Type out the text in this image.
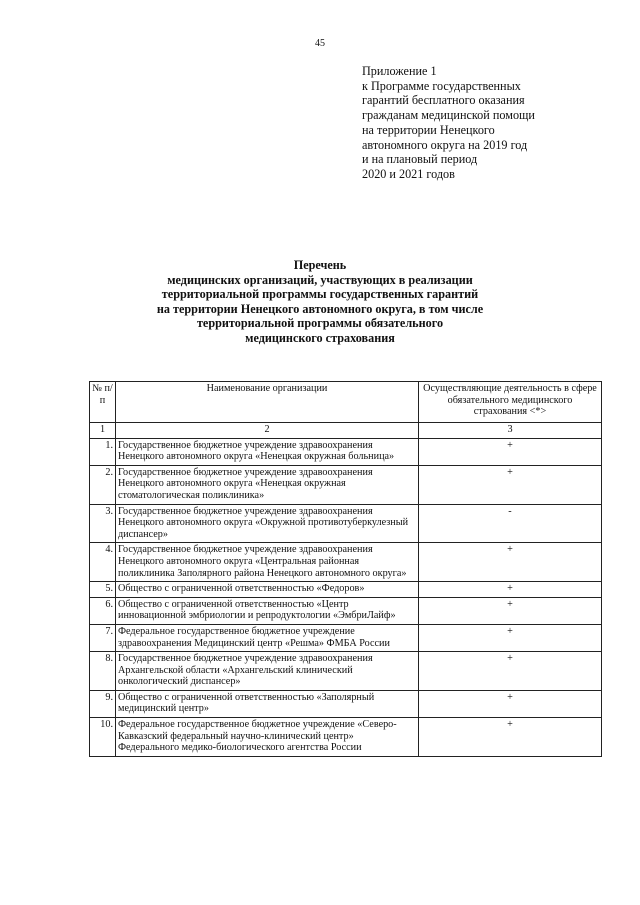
45
Приложение 1
к Программе государственных
гарантий бесплатного оказания
гражданам медицинской помощи
на территории Ненецкого
автономного округа на 2019 год
и на плановый период
2020 и 2021 годов
Перечень
медицинских организаций, участвующих в реализации
территориальной программы государственных гарантий
на территории Ненецкого автономного округа, в том числе
территориальной программы обязательного
медицинского страхования
№ п/п	Наименование организации	Осуществляющие деятельность в сфере обязательного медицинского страхования <*>
1	2	3
1.	Государственное бюджетное учреждение здравоохранения Ненецкого автономного округа «Ненецкая окружная больница»	+
2.	Государственное бюджетное учреждение здравоохранения Ненецкого автономного округа «Ненецкая окружная стоматологическая поликлиника»	+
3.	Государственное бюджетное учреждение здравоохранения Ненецкого автономного округа «Окружной противотуберкулезный диспансер»	-
4.	Государственное бюджетное учреждение здравоохранения Ненецкого автономного округа «Центральная районная поликлиника Заполярного района Ненецкого автономного округа»	+
5.	Общество с ограниченной ответственностью «Федоров»	+
6.	Общество с ограниченной ответственностью «Центр инновационной эмбриологии и репродуктологии «ЭмбриЛайф»	+
7.	Федеральное государственное бюджетное учреждение здравоохранения Медицинский центр «Решма» ФМБА России	+
8.	Государственное бюджетное учреждение здравоохранения Архангельской области «Архангельский клинический онкологический диспансер»	+
9.	Общество с ограниченной ответственностью «Заполярный медицинский центр»	+
10.	Федеральное государственное бюджетное учреждение «Северо-Кавказский федеральный научно-клинический центр» Федерального медико-биологического агентства России	+
